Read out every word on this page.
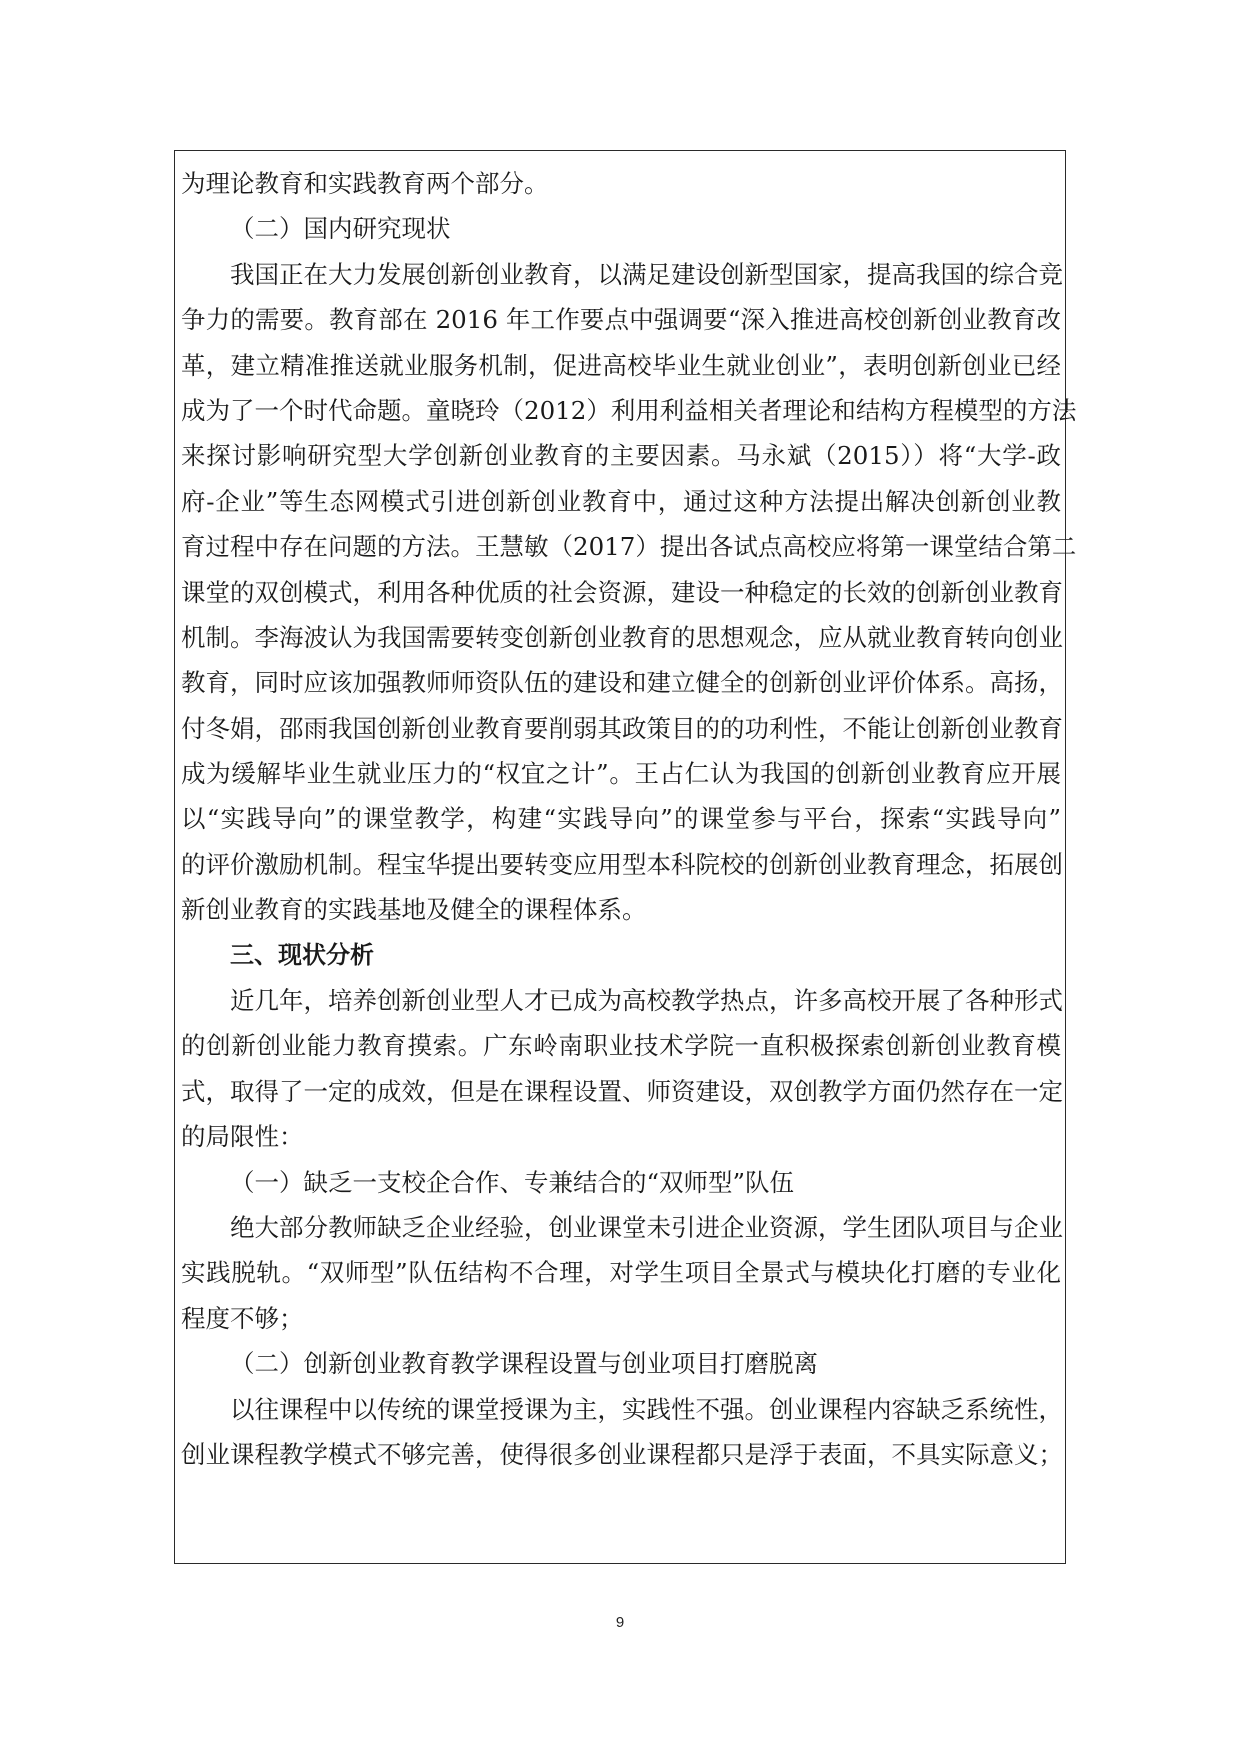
为理论教育和实践教育两个部分。
（二）国内研究现状
我国正在大力发展创新创业教育，以满足建设创新型国家，提高我国的综合竞
争力的需要。教育部在 2016 年工作要点中强调要“深入推进高校创新创业教育改
革，建立精准推送就业服务机制，促进高校毕业生就业创业”，表明创新创业已经
成为了一个时代命题。童晓玲（2012）利用利益相关者理论和结构方程模型的方法
来探讨影响研究型大学创新创业教育的主要因素。马永斌（2015））将“大学-政
府-企业”等生态网模式引进创新创业教育中，通过这种方法提出解决创新创业教
育过程中存在问题的方法。王慧敏（2017）提出各试点高校应将第一课堂结合第二
课堂的双创模式，利用各种优质的社会资源，建设一种稳定的长效的创新创业教育
机制。李海波认为我国需要转变创新创业教育的思想观念，应从就业教育转向创业
教育，同时应该加强教师师资队伍的建设和建立健全的创新创业评价体系。高扬，
付冬娟，邵雨我国创新创业教育要削弱其政策目的的功利性，不能让创新创业教育
成为缓解毕业生就业压力的“权宜之计”。王占仁认为我国的创新创业教育应开展
以“实践导向”的课堂教学，构建“实践导向”的课堂参与平台，探索“实践导向”
的评价激励机制。程宝华提出要转变应用型本科院校的创新创业教育理念，拓展创
新创业教育的实践基地及健全的课程体系。
三、现状分析
近几年，培养创新创业型人才已成为高校教学热点，许多高校开展了各种形式
的创新创业能力教育摸索。广东岭南职业技术学院一直积极探索创新创业教育模
式，取得了一定的成效，但是在课程设置、师资建设，双创教学方面仍然存在一定
的局限性：
（一）缺乏一支校企合作、专兼结合的“双师型”队伍
绝大部分教师缺乏企业经验，创业课堂未引进企业资源，学生团队项目与企业
实践脱轨。“双师型”队伍结构不合理，对学生项目全景式与模块化打磨的专业化
程度不够；
（二）创新创业教育教学课程设置与创业项目打磨脱离
以往课程中以传统的课堂授课为主，实践性不强。创业课程内容缺乏系统性，
创业课程教学模式不够完善，使得很多创业课程都只是浮于表面，不具实际意义；
9
